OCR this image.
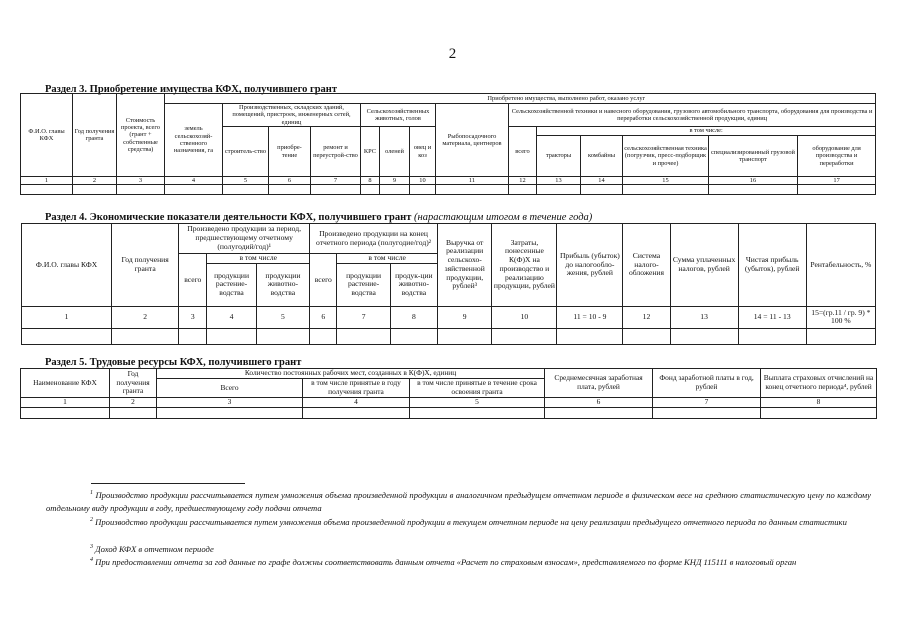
2
Раздел 3. Приобретение имущества КФХ, получившего грант
Ф.И.О. главы КФХ	Год получения гранта	Стоимость проекта, всего (грант + собственные средства)	Приобретено имущества, выполнено работ, оказано услуг													
			земель сельскохозяй-ственного назначения, га	Производственных, складских зданий, помещений, пристроек, инженерных сетей, единиц			Сельскохозяйственных животных, голов			Рыбопосадочного материала, центнеров	Сельскохозяйственной техники и навесного оборудования, грузового автомобильного транспорта, оборудования для производства и переработки сельскохозяйственной продукции, единиц					
				строитель-ство	приобре-тение	ремонт и переустрой-ство	КРС	оленей	овец и коз		всего	в том числе:				
												тракторы	комбайны	сельскохозяйственная техника (погрузчик, пресс-подборщик и прочее)	специализированный грузовой транспорт	оборудование для производства и переработки
1	2	3	4	5	6	7	8	9	10	11	12	13	14	15	16	17

Раздел 4. Экономические показатели деятельности КФХ, получившего грант (нарастающим итогом в течение года)
Ф.И.О. главы КФХ	Год получения гранта	Произведено продукции за период, предшествующему отчетному (полугодий/год)¹			Произведено продукции на конец отчетного периода (полугодие/год)²			Выручка от реализации сельскохо-зяйственной продукции, рублей³	Затраты, понесенные К(Ф)Х на производство и реализацию продукции, рублей	Прибыль (убыток) до налогообло-жения, рублей	Система налого-обложения	Сумма уплаченных налогов, рублей	Чистая прибыль (убыток), рублей	Рентабельность, %
		всего	в том числе		всего	в том числе								
			продукции растение-водства	продукции животно-водства		продукции растение-водства	продук-ции животно-водства							
1	2	3	4	5	6	7	8	9	10	11 = 10 - 9	12	13	14 = 11 - 13	15=(гр.11 / гр. 9) * 100 %

Раздел 5. Трудовые ресурсы КФХ, получившего грант
Наименование КФХ	Год получения гранта	Количество постоянных рабочих мест, созданных в К(Ф)Х, единиц			Среднемесячная заработная плата, рублей	Фонд заработной платы в год, рублей	Выплата страховых отчислений на конец отчетного периода⁴, рублей
		Всего	в том числе принятые в году получения гранта	в том числе принятые в течение срока освоения гранта			
1	2	3	4	5	6	7	8

$^1$ Производство продукции рассчитывается путем умножения объема произведенной продукции в аналогичном предыдущем отчетном периоде в физическом весе на среднюю статистическую цену по каждому отдельному виду продукции в году, предшествующему году подачи отчета
$^2$ Производство продукции рассчитывается путем умножения объема произведенной продукции в текущем отчетном периоде на цену реализации предыдущего отчетного периода по данным статистики
$^3$ Доход КФХ в отчетном периоде
$^4$ При предоставлении отчета за год данные по графе должны соответствовать данным отчета «Расчет по страховым взносам», представляемого по форме КНД 115111 в налоговый орган
